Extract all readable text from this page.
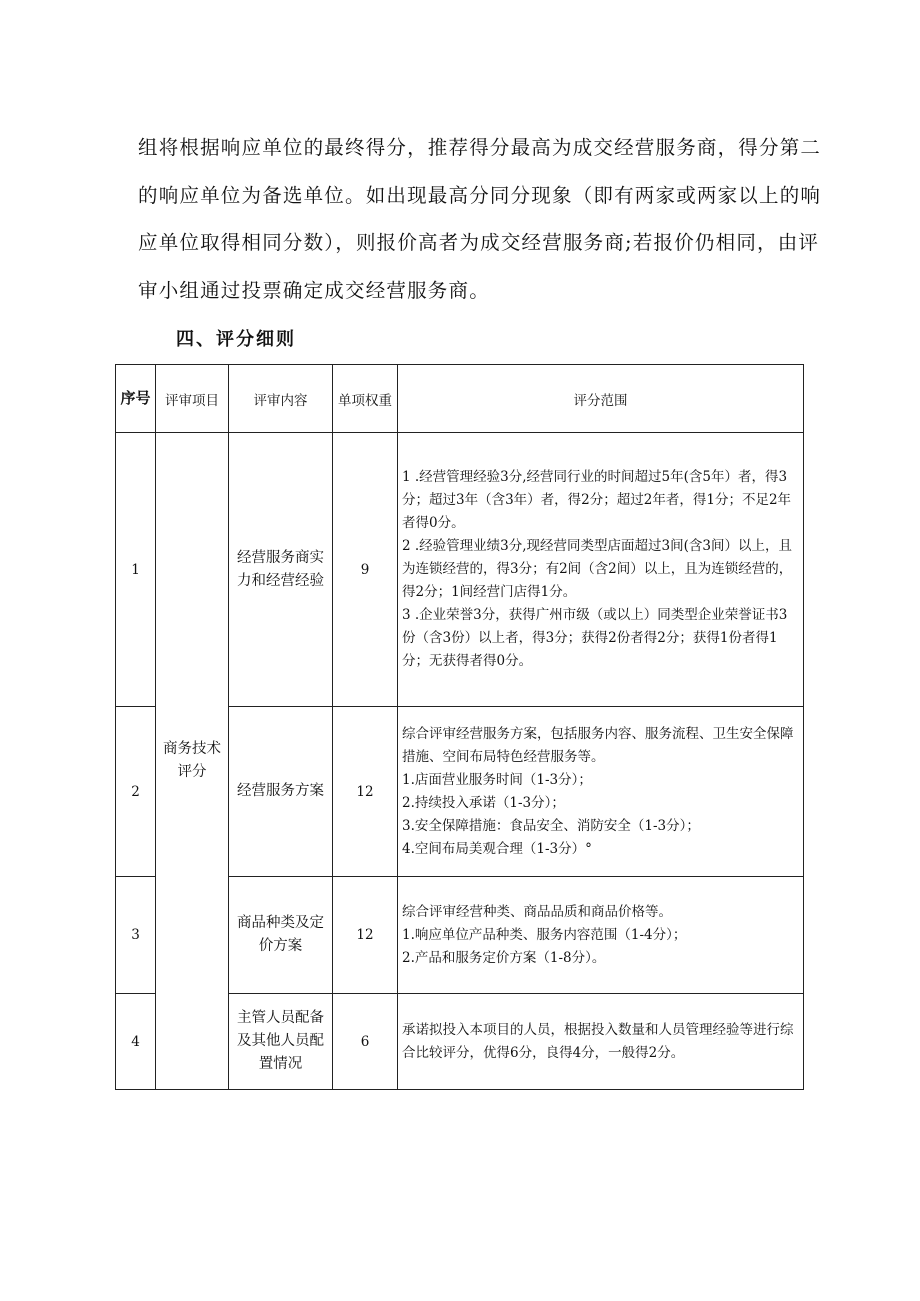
组将根据响应单位的最终得分，推荐得分最高为成交经营服务商，得分第二

的响应单位为备选单位。如出现最高分同分现象（即有两家或两家以上的响

应单位取得相同分数），则报价高者为成交经营服务商;若报价仍相同，由评

审小组通过投票确定成交经营服务商。

四、评分细则
序号	评审项目	评审内容	单项权重	评分范围
1	商务技术评分	经营服务商实力和经营经验	9	1 .经营管理经验3分,经营同行业的时间超过5年(含5年）者，得3分；超过3年（含3年）者，得2分；超过2年者，得1分；不足2年者得0分。
2 .经验管理业绩3分,现经营同类型店面超过3间(含3间）以上，且为连锁经营的，得3分；有2间（含2间）以上，且为连锁经营的，得2分；1间经营门店得1分。
3 .企业荣誉3分，获得广州市级（或以上）同类型企业荣誉证书3份（含3份）以上者，得3分；获得2份者得2分；获得1份者得1分；无获得者得0分。

2		经营服务方案	12	综合评审经营服务方案，包括服务内容、服务流程、卫生安全保障措施、空间布局特色经营服务等。
1.店面营业服务时间（1-3分）；
2.持续投入承诺（1-3分）；
3.安全保障措施：食品安全、消防安全（1-3分）；
4.空间布局美观合理（1-3分）°

3		商品种类及定价方案	12	综合评审经营种类、商品品质和商品价格等。
1.响应单位产品种类、服务内容范围（1-4分）；
2.产品和服务定价方案（1-8分）。

4		主管人员配备及其他人员配置情况	6	承诺拟投入本项目的人员，根据投入数量和人员管理经验等进行综合比较评分，优得6分，良得4分，一般得2分。
